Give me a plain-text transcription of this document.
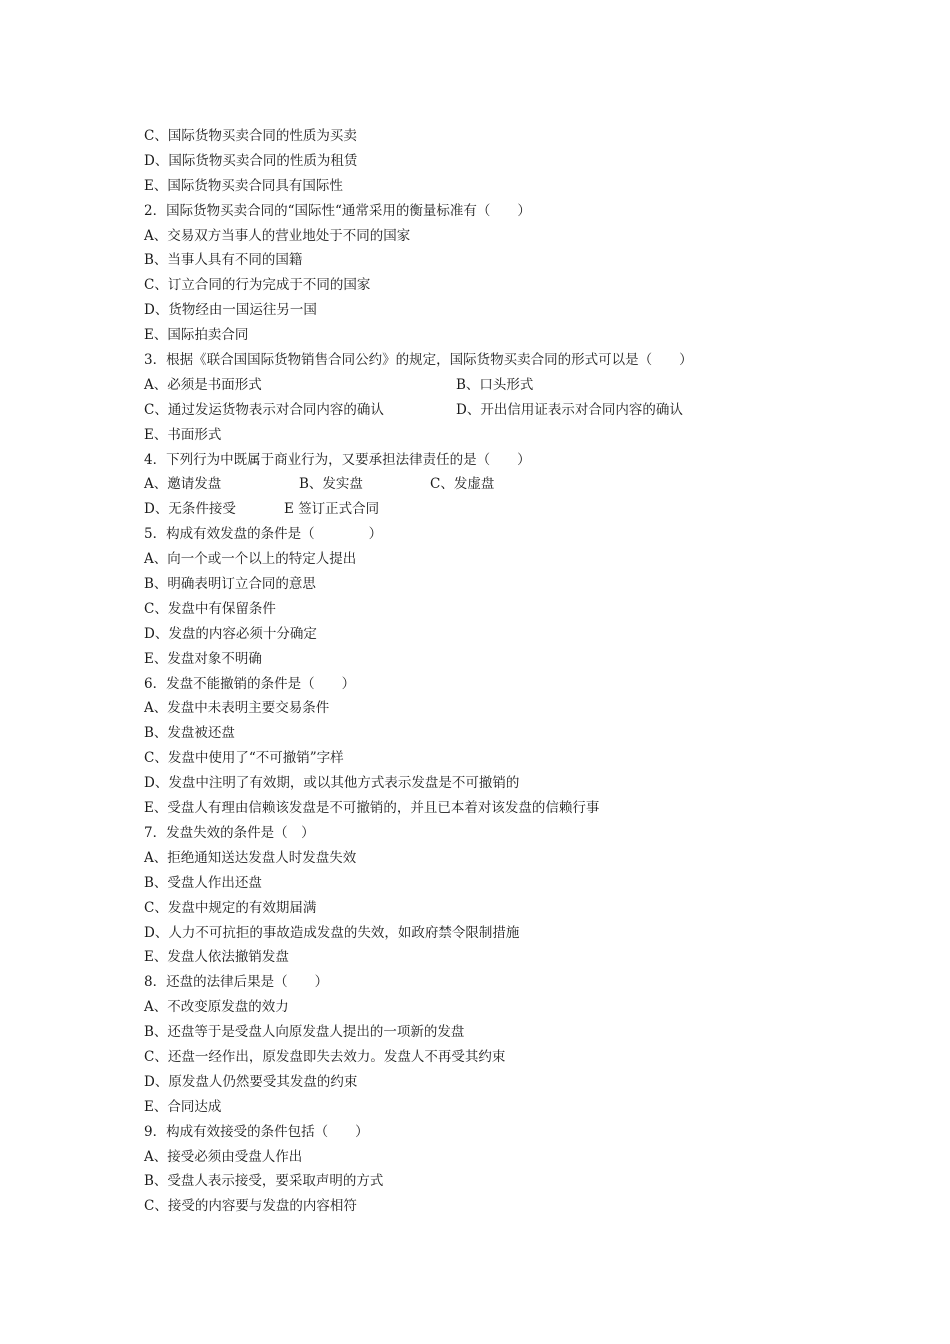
C、国际货物买卖合同的性质为买卖
D、国际货物买卖合同的性质为租赁
E、国际货物买卖合同具有国际性
2．国际货物买卖合同的“国际性“通常采用的衡量标准有（　　）
A、交易双方当事人的营业地处于不同的国家
B、当事人具有不同的国籍
C、订立合同的行为完成于不同的国家
D、货物经由一国运往另一国
E、国际拍卖合同
3．根据《联合国国际货物销售合同公约》的规定，国际货物买卖合同的形式可以是（　　）
A、必须是书面形式	B、口头形式
C、通过发运货物表示对合同内容的确认	D、开出信用证表示对合同内容的确认
E、书面形式
4．下列行为中既属于商业行为，又要承担法律责任的是（　　）
A、邀请发盘	B、发实盘	C、发虚盘
D、无条件接受	E 签订正式合同
5．构成有效发盘的条件是（　　　　）
A、向一个或一个以上的特定人提出
B、明确表明订立合同的意思
C、发盘中有保留条件
D、发盘的内容必须十分确定
E、发盘对象不明确
6．发盘不能撤销的条件是（　　）
A、发盘中未表明主要交易条件
B、发盘被还盘
C、发盘中使用了“不可撤销”字样
D、发盘中注明了有效期，或以其他方式表示发盘是不可撤销的
E、受盘人有理由信赖该发盘是不可撤销的，并且已本着对该发盘的信赖行事
7．发盘失效的条件是（　）
A、拒绝通知送达发盘人时发盘失效
B、受盘人作出还盘
C、发盘中规定的有效期届满
D、人力不可抗拒的事故造成发盘的失效，如政府禁令限制措施
E、发盘人依法撤销发盘
8．还盘的法律后果是（　　）
A、不改变原发盘的效力
B、还盘等于是受盘人向原发盘人提出的一项新的发盘
C、还盘一经作出，原发盘即失去效力。发盘人不再受其约束
D、原发盘人仍然要受其发盘的约束
E、合同达成
9．构成有效接受的条件包括（　　）
A、接受必须由受盘人作出
B、受盘人表示接受，要采取声明的方式
C、接受的内容要与发盘的内容相符
